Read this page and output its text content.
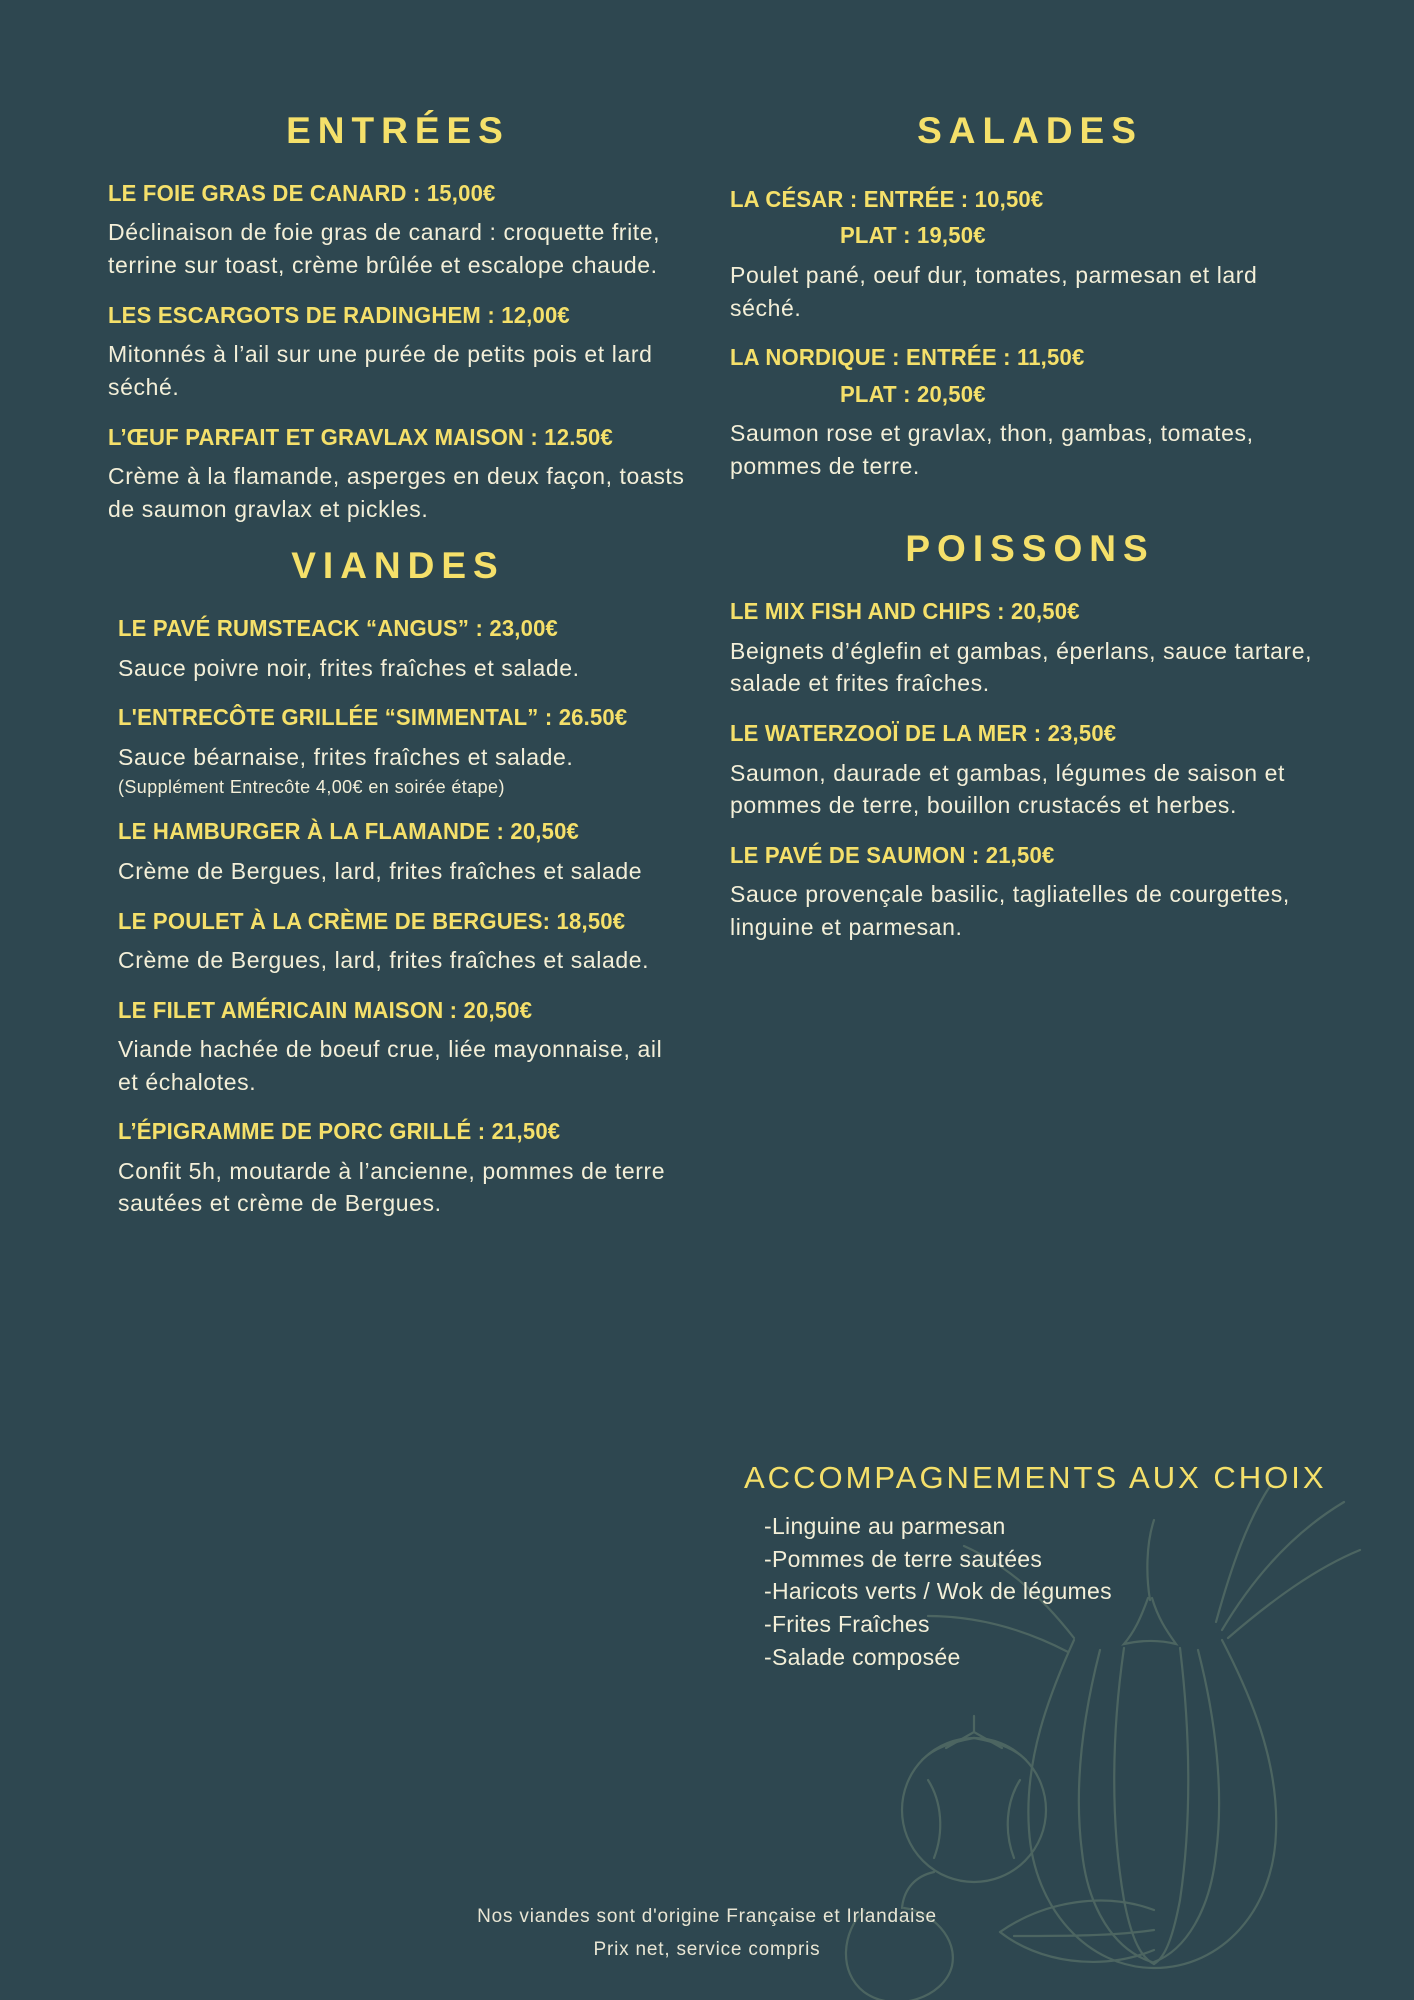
ENTRÉES

LE FOIE GRAS DE CANARD : 15,00€

Déclinaison de foie gras de canard : croquette frite, terrine sur toast, crème brûlée et escalope chaude.

LES ESCARGOTS DE RADINGHEM : 12,00€

Mitonnés à l’ail sur une purée de petits pois et lard séché.

L’ŒUF PARFAIT ET GRAVLAX MAISON : 12.50€

Crème à la flamande, asperges en deux façon, toasts de saumon gravlax et pickles.

VIANDES

LE PAVÉ RUMSTEACK “ANGUS” : 23,00€

Sauce poivre noir, frites fraîches et salade.

L'ENTRECÔTE GRILLÉE “SIMMENTAL” : 26.50€

Sauce béarnaise, frites fraîches et salade.

(Supplément Entrecôte 4,00€ en soirée étape)

LE HAMBURGER À LA FLAMANDE : 20,50€

Crème de Bergues, lard, frites fraîches et salade

LE POULET À LA CRÈME DE BERGUES: 18,50€

Crème de Bergues, lard, frites fraîches et salade.

LE FILET AMÉRICAIN MAISON : 20,50€

Viande hachée de boeuf crue, liée mayonnaise, ail et échalotes.

L’ÉPIGRAMME DE PORC GRILLÉ : 21,50€

Confit 5h, moutarde à l’ancienne, pommes de terre sautées et crème de Bergues.

SALADES

LA CÉSAR : ENTRÉE : 10,50€

PLAT : 19,50€

Poulet pané, oeuf dur, tomates, parmesan et lard séché.

LA NORDIQUE : ENTRÉE : 11,50€

PLAT : 20,50€

Saumon rose et gravlax, thon, gambas, tomates, pommes de terre.

POISSONS

LE MIX FISH AND CHIPS : 20,50€

Beignets d’églefin et gambas, éperlans, sauce tartare, salade et frites fraîches.

LE WATERZOOÏ DE LA MER : 23,50€

Saumon, daurade et gambas, légumes de saison et pommes de terre, bouillon crustacés et herbes.

LE PAVÉ DE SAUMON : 21,50€

Sauce provençale basilic, tagliatelles de courgettes, linguine et parmesan.

ACCOMPAGNEMENTS AUX CHOIX
-Linguine au parmesan
-Pommes de terre sautées
-Haricots verts / Wok de légumes
-Frites Fraîches
-Salade composée
Nos viandes sont d'origine Française et Irlandaise
Prix net, service compris
